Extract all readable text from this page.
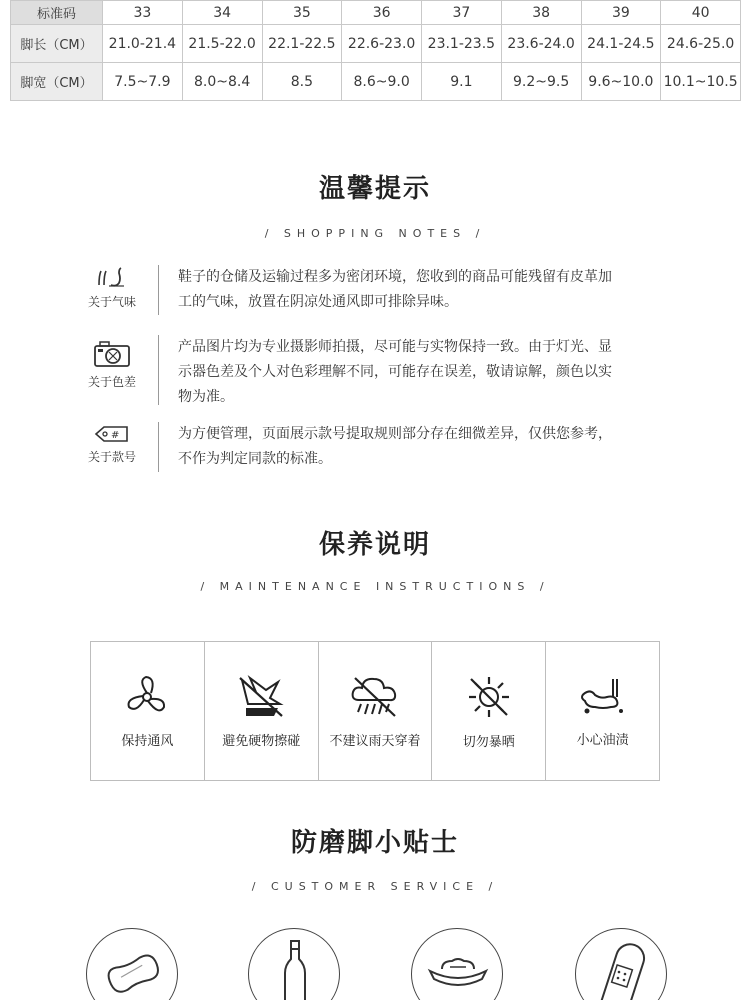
标准码	33	34	35	36	37	38	39	40
脚长（CM）	21.0-21.4	21.5-22.0	22.1-22.5	22.6-23.0	23.1-23.5	23.6-24.0	24.1-24.5	24.6-25.0
脚宽（CM）	7.5~7.9	8.0~8.4	8.5	8.6~9.0	9.1	9.2~9.5	9.6~10.0	10.1~10.5
温馨提示
/ SHOPPING NOTES /
关于气味
鞋子的仓储及运输过程多为密闭环境，您收到的商品可能残留有皮革加
工的气味，放置在阴凉处通风即可排除异味。
关于色差
产品图片均为专业摄影师拍摄，尽可能与实物保持一致。由于灯光、显
示器色差及个人对色彩理解不同，可能存在误差，敬请谅解，颜色以实
物为准。
#
关于款号
为方便管理，页面展示款号提取规则部分存在细微差异，仅供您参考，
不作为判定同款的标准。
保养说明
/ MAINTENANCE INSTRUCTIONS /
保持通风	避免硬物擦碰 不建议雨天穿着	切勿暴晒	小心油渍
防磨脚小贴士
/ CUSTOMER SERVICE /
